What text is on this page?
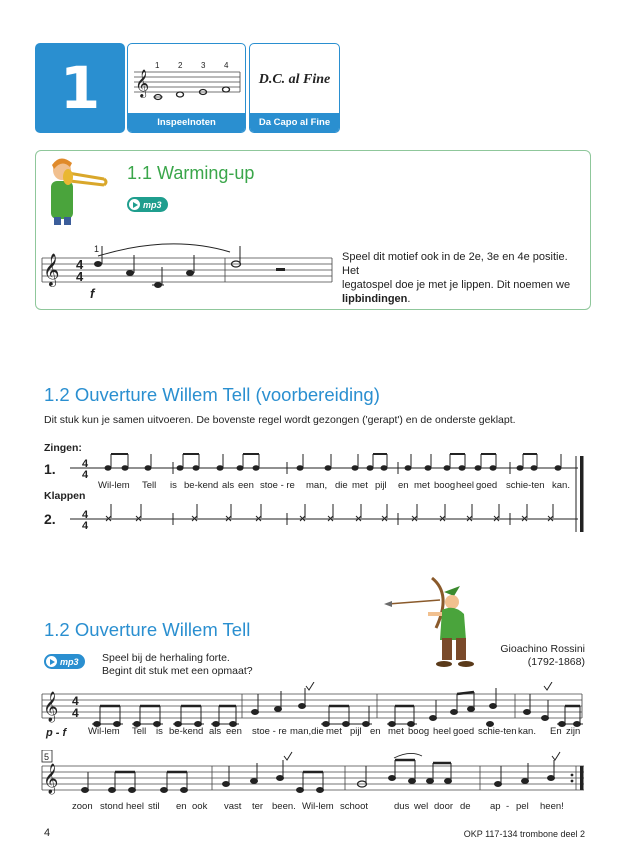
1	𝄞
1 2 3 4
Inspeelnoten
D.C. al Fine
Da Capo al Fine
1.1 Warming-up
mp3
𝄞 4
4
1
f
Speel dit motief ook in de 2e, 3e en 4e positie. Het
legatospel doe je met je lippen. Dit noemen we
lipbindingen.
1.2 Ouverture Willem Tell (voorbereiding)
Dit stuk kun je samen uitvoeren. De bovenste regel wordt gezongen ('gerapt') en de onderste geklapt.
Zingen:
1.
Klappen
2.
4
4
4
4
Wil-lem Tell is be-kend als een stoe - re man, die met pijl en met boog heel goed schie-ten kan.
1.2 Ouverture Willem Tell
mp3 Speel bij de herhaling forte.
Begint dit stuk met een opmaat?
Gioachino Rossini
(1792-1868)
𝄞 4
4
p - f Wil-lem Tell is be-kend als een stoe - re man,die met pijl en met boog heel goed schie-ten kan. En zijn
5
𝄞
zoon stond heel stil en ook vast ter been. Wil-lem schoot	dus wel door de ap - pel heen!
4	OKP 117-134 trombone deel 2
